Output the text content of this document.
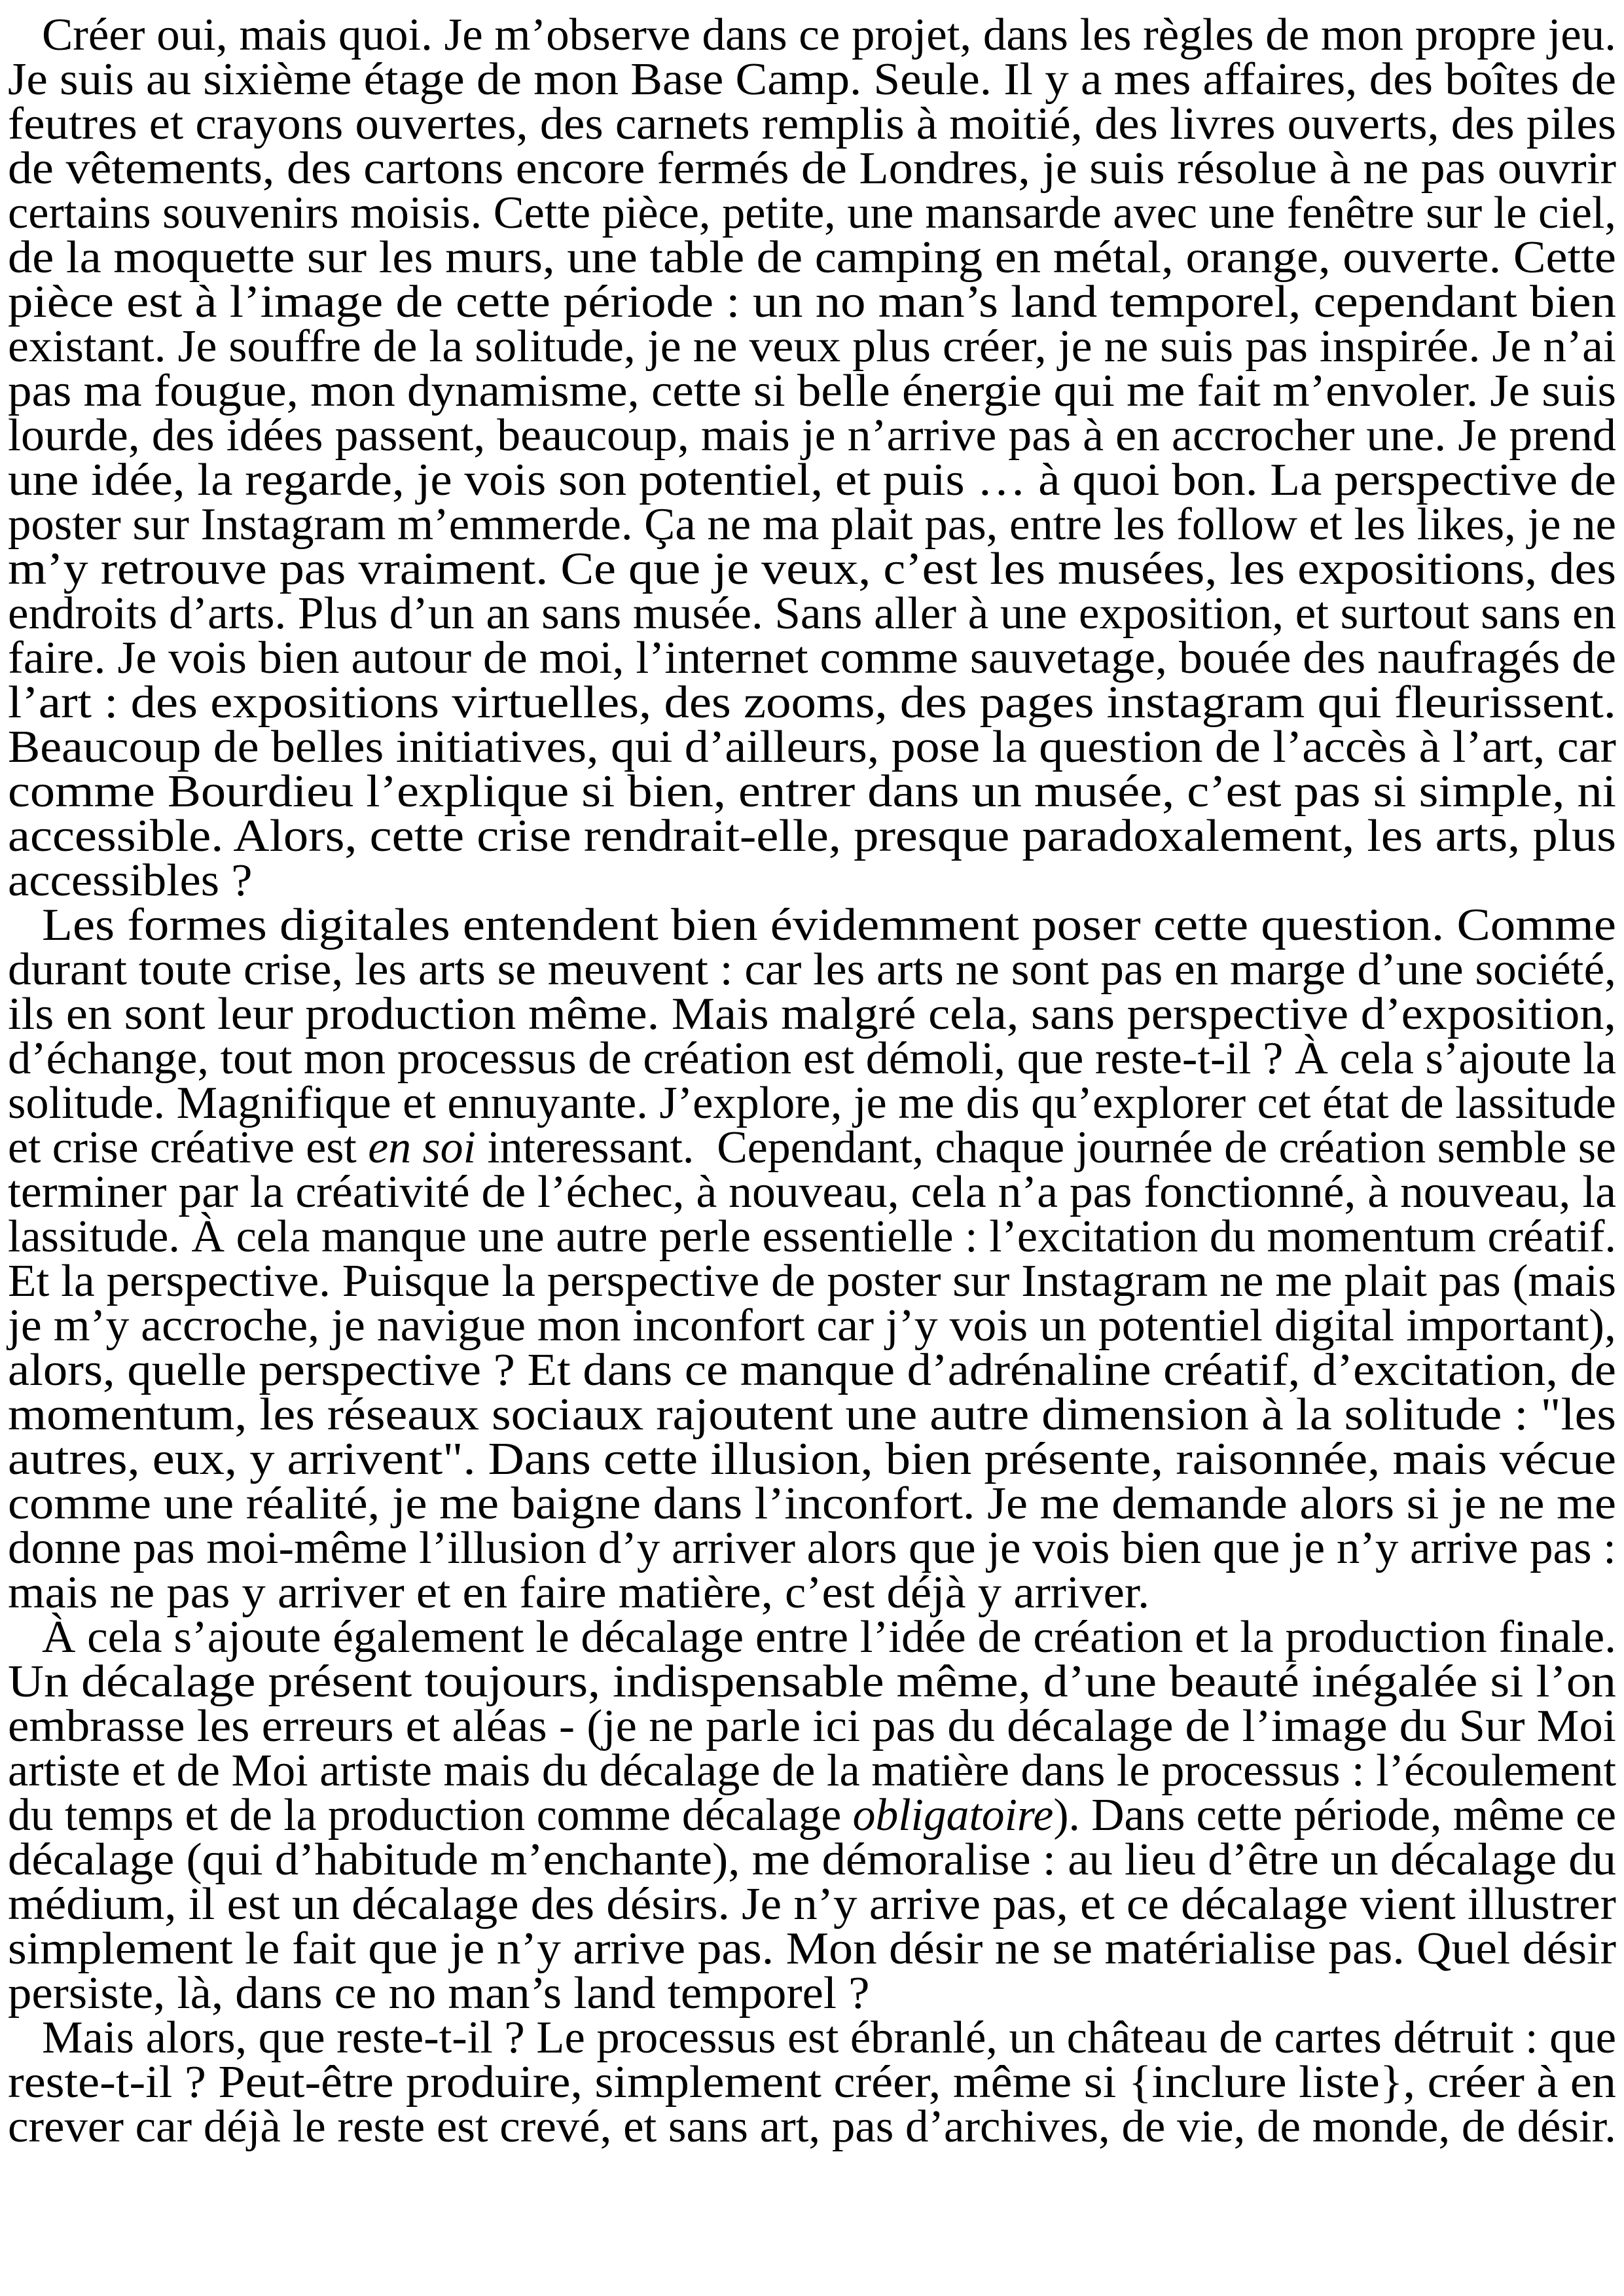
Créer oui, mais quoi. Je m’observe dans ce projet, dans les règles de mon propre jeu.
Je suis au sixième étage de mon Base Camp. Seule. Il y a mes affaires, des boîtes de
feutres et crayons ouvertes, des carnets remplis à moitié, des livres ouverts, des piles
de vêtements, des cartons encore fermés de Londres, je suis résolue à ne pas ouvrir
certains souvenirs moisis. Cette pièce, petite, une mansarde avec une fenêtre sur le ciel,
de la moquette sur les murs, une table de camping en métal, orange, ouverte. Cette
pièce est à l’image de cette période : un no man’s land temporel, cependant bien
existant. Je souffre de la solitude, je ne veux plus créer, je ne suis pas inspirée. Je n’ai
pas ma fougue, mon dynamisme, cette si belle énergie qui me fait m’envoler. Je suis
lourde, des idées passent, beaucoup, mais je n’arrive pas à en accrocher une. Je prend
une idée, la regarde, je vois son potentiel, et puis … à quoi bon. La perspective de
poster sur Instagram m’emmerde. Ça ne ma plait pas, entre les follow et les likes, je ne
m’y retrouve pas vraiment. Ce que je veux, c’est les musées, les expositions, des
endroits d’arts. Plus d’un an sans musée. Sans aller à une exposition, et surtout sans en
faire. Je vois bien autour de moi, l’internet comme sauvetage, bouée des naufragés de
l’art : des expositions virtuelles, des zooms, des pages instagram qui fleurissent.
Beaucoup de belles initiatives, qui d’ailleurs, pose la question de l’accès à l’art, car
comme Bourdieu l’explique si bien, entrer dans un musée, c’est pas si simple, ni
accessible. Alors, cette crise rendrait-elle, presque paradoxalement, les arts, plus
accessibles ?
Les formes digitales entendent bien évidemment poser cette question. Comme
durant toute crise, les arts se meuvent : car les arts ne sont pas en marge d’une société,
ils en sont leur production même. Mais malgré cela, sans perspective d’exposition,
d’échange, tout mon processus de création est démoli, que reste-t-il ? À cela s’ajoute la
solitude. Magnifique et ennuyante. J’explore, je me dis qu’explorer cet état de lassitude
et crise créative est en soi interessant.  Cependant, chaque journée de création semble se
terminer par la créativité de l’échec, à nouveau, cela n’a pas fonctionné, à nouveau, la
lassitude. À cela manque une autre perle essentielle : l’excitation du momentum créatif.
Et la perspective. Puisque la perspective de poster sur Instagram ne me plait pas (mais
je m’y accroche, je navigue mon inconfort car j’y vois un potentiel digital important),
alors, quelle perspective ? Et dans ce manque d’adrénaline créatif, d’excitation, de
momentum, les réseaux sociaux rajoutent une autre dimension à la solitude : "les
autres, eux, y arrivent". Dans cette illusion, bien présente, raisonnée, mais vécue
comme une réalité, je me baigne dans l’inconfort. Je me demande alors si je ne me
donne pas moi-même l’illusion d’y arriver alors que je vois bien que je n’y arrive pas :
mais ne pas y arriver et en faire matière, c’est déjà y arriver.
À cela s’ajoute également le décalage entre l’idée de création et la production finale.
Un décalage présent toujours, indispensable même, d’une beauté inégalée si l’on
embrasse les erreurs et aléas - (je ne parle ici pas du décalage de l’image du Sur Moi
artiste et de Moi artiste mais du décalage de la matière dans le processus : l’écoulement
du temps et de la production comme décalage obligatoire). Dans cette période, même ce
décalage (qui d’habitude m’enchante), me démoralise : au lieu d’être un décalage du
médium, il est un décalage des désirs. Je n’y arrive pas, et ce décalage vient illustrer
simplement le fait que je n’y arrive pas. Mon désir ne se matérialise pas. Quel désir
persiste, là, dans ce no man’s land temporel ?
Mais alors, que reste-t-il ? Le processus est ébranlé, un château de cartes détruit : que
reste-t-il ? Peut-être produire, simplement créer, même si {inclure liste}, créer à en
crever car déjà le reste est crevé, et sans art, pas d’archives, de vie, de monde, de désir.
